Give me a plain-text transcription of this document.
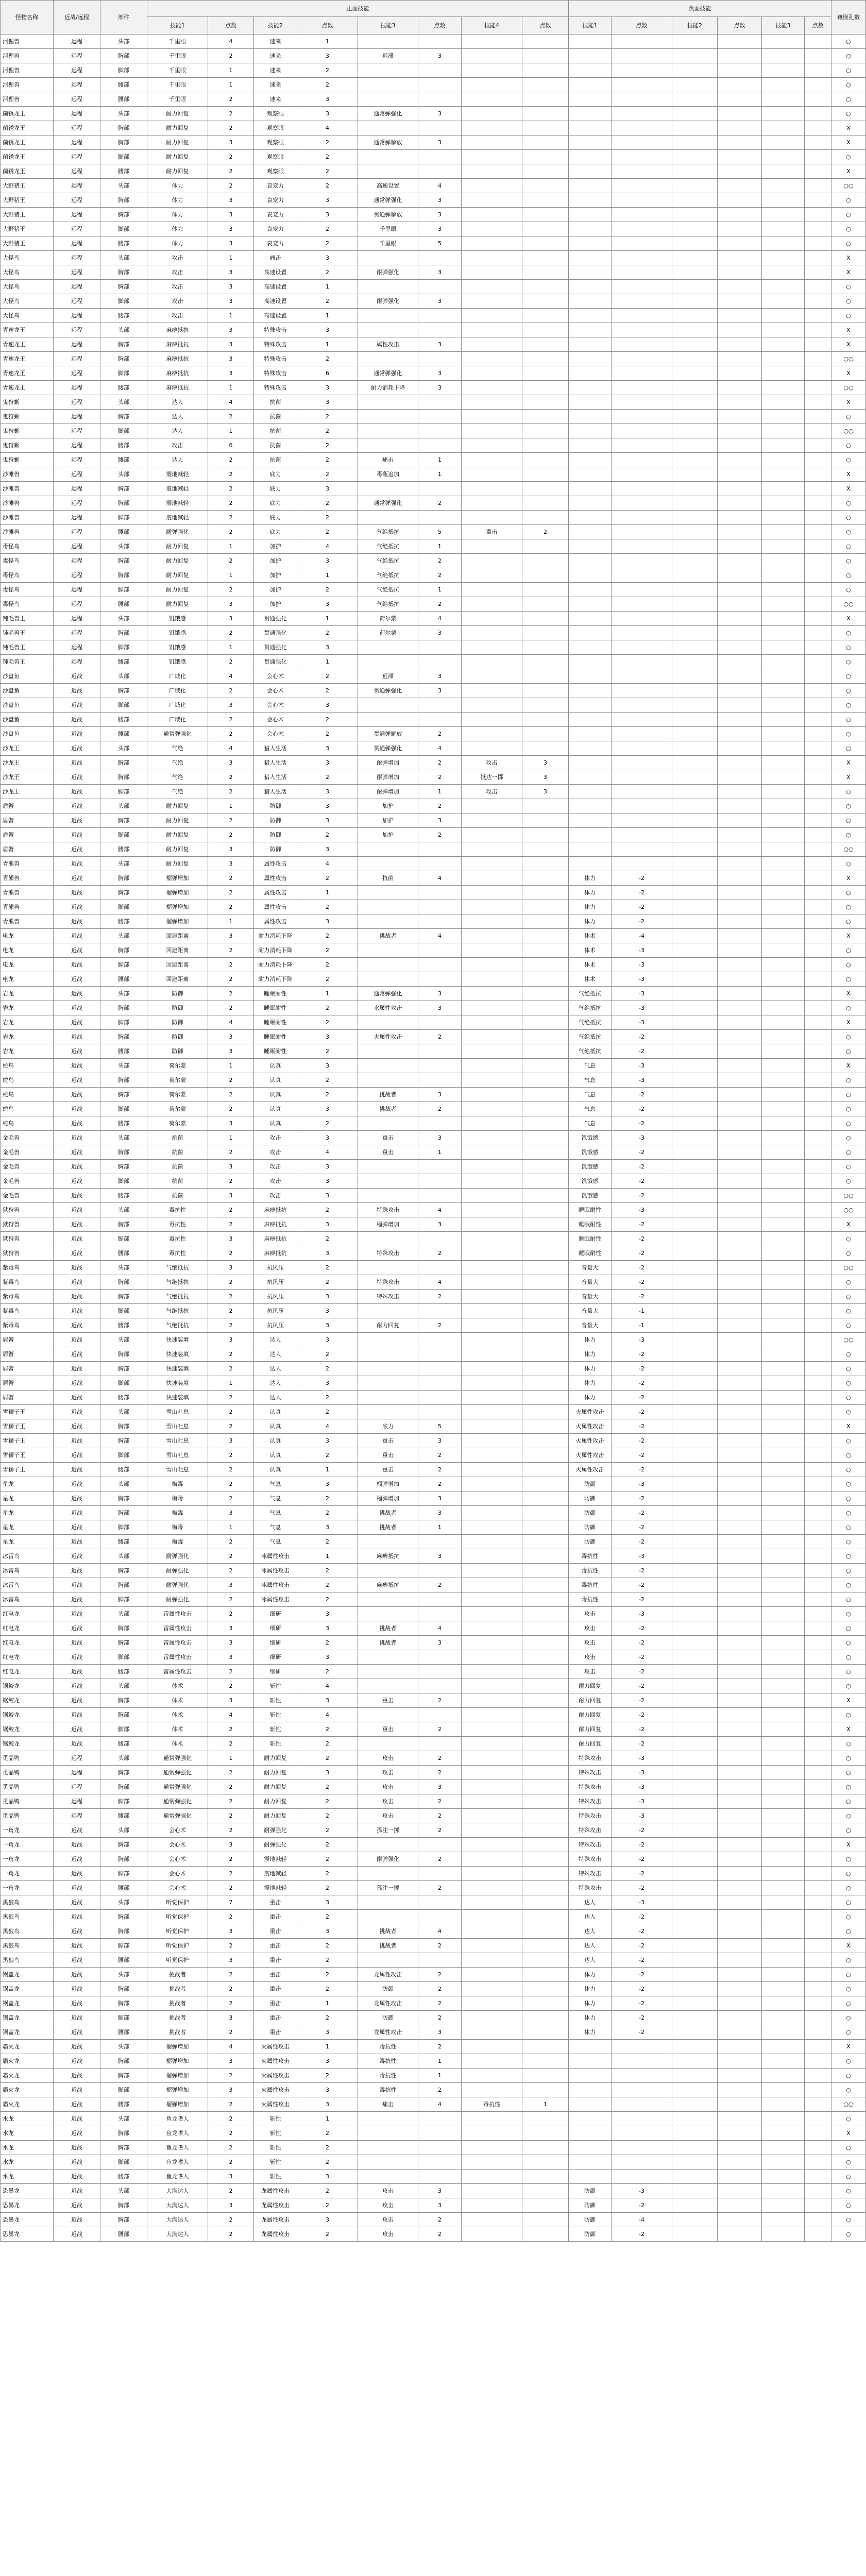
怪物名称	近战/远程	部件	正面技能								负面技能						镶嵌孔数
			技能1	点数	技能2	点数	技能3	点数	技能4	点数	技能1	点数	技能2	点数	技能3	点数	
河狸兽	远程	头部	千里眼	4	速来	1											○
河狸兽	远程	胸部	千里眼	2	速来	3	迟滞	3									○
河狸兽	远程	脚部	千里眼	1	速来	2											○
河狸兽	远程	腰部	千里眼	1	速来	2											○
河狸兽	远程	腰部	千里眼	2	速来	3											○
菌锈龙王	远程	头部	耐力回复	2	观察眼	3	通常弹强化	3									○
菌锈龙王	远程	胸部	耐力回复	2	观察眼	4											X
菌锈龙王	远程	胸部	耐力回复	3	观察眼	2	通常弹解放	3									X
菌锈龙王	远程	脚部	耐力回复	2	观察眼	2											○
菌锈龙王	远程	腰部	耐力回复	2	观察眼	2											X
大野猪王	远程	头部	体力	2	哀宠力	2	高速设置	4									○○
大野猪王	远程	胸部	体力	3	哀宠力	3	通常弹强化	3									○
大野猪王	远程	胸部	体力	3	哀宠力	3	贯通弹解放	3									○
大野猪王	远程	脚部	体力	3	哀宠力	2	千里眼	3									○
大野猪王	远程	腰部	体力	3	哀宠力	2	千里眼	5									○
大怪鸟	远程	头部	攻击	1	痛击	3											X
大怪鸟	远程	胸部	攻击	3	高速设置	2	耐弹强化	3									X
大怪鸟	远程	胸部	攻击	3	高速设置	1											○
大怪鸟	远程	脚部	攻击	3	高速设置	2	耐弹强化	3									○
大怪鸟	远程	腰部	攻击	1	高速设置	1											○
青速龙王	远程	头部	麻痹抵抗	3	特殊攻击	3											X
青速龙王	远程	胸部	麻痹抵抗	3	特殊攻击	1	属性攻击	3									X
青速龙王	远程	胸部	麻痹抵抗	3	特殊攻击	2											○○
青速龙王	远程	脚部	麻痹抵抗	3	特殊攻击	6	通常弹强化	3									X
青速龙王	远程	腰部	麻痹抵抗	1	特殊攻击	3	耐力消耗下降	3									○○
鬼狩蜥	远程	头部	达人	4	抗菌	3											X
鬼狩蜥	远程	胸部	达人	2	抗菌	2											○
鬼狩蜥	远程	脚部	达人	1	抗菌	2											○○
鬼狩蜥	远程	腰部	攻击	6	抗菌	2											○
鬼狩蜥	远程	腰部	达人	2	抗菌	2	痛击	1									○
沙滩兽	远程	头部	震地减轻	2	底力	2	毒瓶追加	1									X
沙滩兽	远程	胸部	震地减轻	2	底力	3											X
沙滩兽	远程	胸部	震地减轻	2	底力	2	通常弹强化	2									○
沙滩兽	远程	脚部	震地减轻	2	底力	2											○
沙滩兽	远程	腰部	耐弹强化	2	底力	2	气绝抵抗	5	重击	2							○
毒怪鸟	远程	头部	耐力回复	1	加护	4	气绝抵抗	1									○
毒怪鸟	远程	胸部	耐力回复	2	加护	3	气绝抵抗	2									○
毒怪鸟	远程	胸部	耐力回复	1	加护	1	气绝抵抗	2									○
毒怪鸟	远程	脚部	耐力回复	2	加护	2	气绝抵抗	1									○
毒怪鸟	远程	腰部	耐力回复	3	加护	3	气绝抵抗	2									○○
钝毛兽王	远程	头部	饥饿感	3	贯通强化	1	荷尔蒙	4									X
钝毛兽王	远程	胸部	饥饿感	2	贯通强化	2	荷尔蒙	3									○
钝毛兽王	远程	脚部	饥饿感	1	贯通强化	3											○
钝毛兽王	远程	腰部	饥饿感	2	贯通强化	1											○
沙盘鱼	近战	头部	广域化	4	会心术	2	迟滞	3									○
沙盘鱼	近战	胸部	广域化	2	会心术	2	贯通弹强化	3									○
沙盘鱼	近战	脚部	广域化	3	会心术	3											○
沙盘鱼	近战	腰部	广域化	2	会心术	2											○
沙盘鱼	近战	腰部	通常弹强化	2	会心术	2	贯通弹解放	2									○
沙龙王	近战	头部	气绝	4	猎人生活	3	贯通弹强化	4									○
沙龙王	近战	胸部	气绝	3	猎人生活	3	耐弹增加	2	攻击	3							X
沙龙王	近战	胸部	气绝	2	猎人生活	2	耐弹增加	2	抵达一掷	3							X
沙龙王	近战	脚部	气绝	2	猎人生活	3	耐弹增加	1	攻击	3							○
盾蟹	近战	头部	耐力回复	1	防御	3	加护	2									○
盾蟹	近战	胸部	耐力回复	2	防御	3	加护	3									○
盾蟹	近战	脚部	耐力回复	2	防御	2	加护	2									○
盾蟹	近战	腰部	耐力回复	3	防御	3											○○
青熊兽	近战	头部	耐力回复	3	属性攻击	4											○
青熊兽	近战	胸部	榴弹增加	2	属性攻击	2	抗菌	4			体力	-2					X
青熊兽	近战	胸部	榴弹增加	2	属性攻击	1					体力	-2					○
青熊兽	近战	脚部	榴弹增加	2	属性攻击	2					体力	-2					○
青熊兽	近战	腰部	榴弹增加	1	属性攻击	3					体力	-2					○
电龙	近战	头部	回避距离	3	耐力消耗下降	2	挑战者	4			体术	-4					X
电龙	近战	胸部	回避距离	2	耐力消耗下降	2					体术	-3					○
电龙	近战	脚部	回避距离	2	耐力消耗下降	2					体术	-3					○
电龙	近战	腰部	回避距离	2	耐力消耗下降	2					体术	-3					○
岩龙	近战	头部	防御	2	睡眠耐性	1	通常弹强化	3			气绝抵抗	-3					X
岩龙	近战	胸部	防御	2	睡眠耐性	2	水属性攻击	3			气绝抵抗	-3					○
岩龙	近战	脚部	防御	4	睡眠耐性	2					气绝抵抗	-3					X
岩龙	近战	胸部	防御	3	睡眠耐性	3	火属性攻击	2			气绝抵抗	-2					○
岩龙	近战	腰部	防御	3	睡眠耐性	2					气绝抵抗	-2					○
蛇鸟	近战	头部	荷尔蒙	1	认真	3					气息	-3					X
蛇鸟	近战	胸部	荷尔蒙	2	认真	2					气息	-3					○
蛇鸟	近战	胸部	荷尔蒙	2	认真	2	挑战者	3			气息	-2					○
蛇鸟	近战	脚部	荷尔蒙	2	认真	3	挑战者	2			气息	-2					○
蛇鸟	近战	腰部	荷尔蒙	3	认真	2					气息	-2					○
金毛兽	近战	头部	抗菌	1	攻击	3	重击	3			饥饿感	-3					○
金毛兽	近战	胸部	抗菌	2	攻击	4	重击	1			饥饿感	-2					○
金毛兽	近战	胸部	抗菌	3	攻击	3					饥饿感	-2					○
金毛兽	近战	脚部	抗菌	2	攻击	3					饥饿感	-2					○
金毛兽	近战	腰部	抗菌	3	攻击	3					饥饿感	-2					○○
狱狩兽	近战	头部	毒抗性	2	麻痹抵抗	2	特殊攻击	4			睡眠耐性	-3					○○
狱狩兽	近战	胸部	毒抗性	2	麻痹抵抗	3	榴弹增加	3			睡眠耐性	-2					X
狱狩兽	近战	脚部	毒抗性	3	麻痹抵抗	2					睡眠耐性	-2					○
狱狩兽	近战	腰部	毒抗性	2	麻痹抵抗	3	特殊攻击	2			睡眠耐性	-2					○
紫毒鸟	近战	头部	气绝抵抗	3	抗风压	2					音量大	-2					○○
紫毒鸟	近战	胸部	气绝抵抗	2	抗风压	2	特殊攻击	4			音量大	-2					○
紫毒鸟	近战	胸部	气绝抵抗	2	抗风压	3	特殊攻击	2			音量大	-2					○
紫毒鸟	近战	脚部	气绝抵抗	2	抗风压	3					音量大	-1					○
紫毒鸟	近战	腰部	气绝抵抗	2	抗风压	3	耐力回复	2			音量大	-1					○
屑蟹	近战	头部	快速装填	3	达人	3					体力	-3					○○
屑蟹	近战	胸部	快速装填	2	达人	2					体力	-2					○
屑蟹	近战	胸部	快速装填	2	达人	2					体力	-2					○
屑蟹	近战	脚部	快速装填	1	达人	3					体力	-2					○
屑蟹	近战	腰部	快速装填	2	达人	2					体力	-2					○
雪狮子王	近战	头部	雪山吐息	2	认真	2					火属性攻击	-2					○
雪狮子王	近战	胸部	雪山吐息	2	认真	4	底力	5			火属性攻击	-2					X
雪狮子王	近战	胸部	雪山吐息	3	认真	3	重击	3			火属性攻击	-2					○
雪狮子王	近战	脚部	雪山吐息	2	认真	2	重击	2			火属性攻击	-2					○
雪狮子王	近战	腰部	雪山吐息	2	认真	1	重击	2			火属性攻击	-2					○
星龙	近战	头部	梅毒	2	气息	3	榴弹增加	2			防御	-3					○
星龙	近战	胸部	梅毒	2	气息	2	榴弹增加	3			防御	-2					○
星龙	近战	胸部	梅毒	3	气息	2	挑战者	3			防御	-2					○
星龙	近战	脚部	梅毒	1	气息	3	挑战者	1			防御	-2					○
星龙	近战	腰部	梅毒	2	气息	2					防御	-2					○
冰雷鸟	近战	头部	耐弹强化	2	冰属性攻击	1	麻痹抵抗	3			毒抗性	-3					○
冰雷鸟	近战	胸部	耐弹强化	2	冰属性攻击	2					毒抗性	-2					○
冰雷鸟	近战	胸部	耐弹强化	3	冰属性攻击	2	麻痹抵抗	2			毒抗性	-2					○
冰雷鸟	近战	脚部	耐弹强化	2	冰属性攻击	2					毒抗性	-2					○
红电龙	近战	头部	雷属性攻击	2	细研	3					攻击	-3					○
红电龙	近战	胸部	雷属性攻击	3	细研	3	挑战者	4			攻击	-2					○
红电龙	近战	胸部	雷属性攻击	3	细研	2	挑战者	3			攻击	-2					○
红电龙	近战	脚部	雷属性攻击	3	细研	3					攻击	-2					○
红电龙	近战	腰部	雷属性攻击	2	细研	2					攻击	-2					○
锯鲛龙	近战	头部	体术	2	斩性	4					耐力回复	-2					○
锯鲛龙	近战	胸部	体术	3	斩性	3	重击	2			耐力回复	-2					X
锯鲛龙	近战	胸部	体术	4	斩性	4					耐力回复	-2					○
锯鲛龙	近战	脚部	体术	2	斩性	2	重击	2			耐力回复	-2					X
锯鲛龙	近战	腰部	体术	2	斩性	2					耐力回复	-2					○
觅晶鸭	远程	头部	通常弹强化	1	耐力回复	2	攻击	2			特殊攻击	-3					○
觅晶鸭	远程	胸部	通常弹强化	2	耐力回复	3	攻击	2			特殊攻击	-3					○
觅晶鸭	远程	胸部	通常弹强化	2	耐力回复	2	攻击	3			特殊攻击	-3					○
觅晶鸭	远程	脚部	通常弹强化	2	耐力回复	2	攻击	2			特殊攻击	-3					○
觅晶鸭	远程	腰部	通常弹强化	2	耐力回复	2	攻击	2			特殊攻击	-3					○
一角龙	近战	头部	会心术	2	耐弹强化	2	孤注一掷	2			特殊攻击	-2					○
一角龙	近战	胸部	会心术	3	耐弹强化	2					特殊攻击	-2					X
一角龙	近战	胸部	会心术	2	震地减轻	2	耐弹强化	2			特殊攻击	-2					○
一角龙	近战	脚部	会心术	2	震地减轻	2					特殊攻击	-2					○
一角龙	近战	腰部	会心术	2	震地减轻	2	孤注一掷	2			特殊攻击	-2					○
黑狼鸟	近战	头部	听觉保护	7	重击	3					达人	-3					○
黑狼鸟	近战	胸部	听觉保护	2	重击	2					达人	-2					○
黑狼鸟	近战	胸部	听觉保护	3	重击	3	挑战者	4			达人	-2					○
黑狼鸟	近战	脚部	听觉保护	2	重击	2	挑战者	2			达人	-2					X
黑狼鸟	近战	腰部	听觉保护	3	重击	2					达人	-2					○
锅盖龙	近战	头部	挑战者	2	重击	2	龙属性攻击	2			体力	-2					○
锅盖龙	近战	胸部	挑战者	2	重击	2	防御	2			体力	-2					○
锅盖龙	近战	胸部	挑战者	2	重击	1	龙属性攻击	2			体力	-2					○
锅盖龙	近战	脚部	挑战者	3	重击	2	防御	2			体力	-2					○
锅盖龙	近战	腰部	挑战者	2	重击	3	龙属性攻击	3			体力	-2					○
霸火龙	近战	头部	榴弹增加	4	火属性攻击	1	毒抗性	2									X
霸火龙	近战	胸部	榴弹增加	3	火属性攻击	3	毒抗性	1									○
霸火龙	近战	胸部	榴弹增加	2	火属性攻击	2	毒抗性	1									○
霸火龙	近战	脚部	榴弹增加	3	火属性攻击	3	毒抗性	2									○
霸火龙	近战	腰部	榴弹增加	2	火属性攻击	3	痛击	4	毒抗性	1							○○
水龙	近战	头部	鱼龙嗜人	2	斩性	1											○
水龙	近战	胸部	鱼龙嗜人	2	斩性	2											X
水龙	近战	胸部	鱼龙嗜人	2	斩性	2											○
水龙	近战	脚部	鱼龙嗜人	2	斩性	2											○
水龙	近战	腰部	鱼龙嗜人	3	斩性	3											○
恐暴龙	近战	头部	大满达人	2	龙属性攻击	2	攻击	3			防御	-3					○
恐暴龙	近战	胸部	大满达人	3	龙属性攻击	2	攻击	3			防御	-2					○
恐暴龙	近战	胸部	大满达人	2	龙属性攻击	3	攻击	2			防御	-4					○
恐暴龙	近战	腰部	大满达人	2	龙属性攻击	2	攻击	2			防御	-2					○
